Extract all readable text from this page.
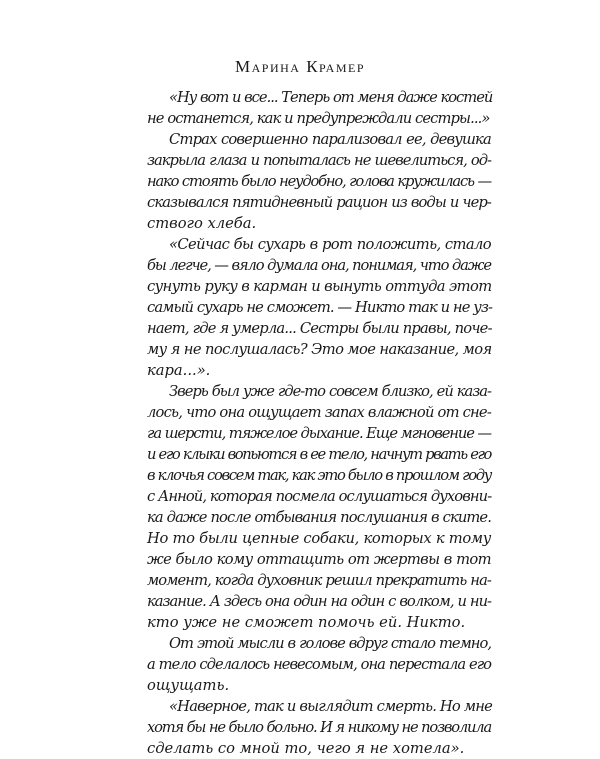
Марина Крамер

«Ну вот и все... Теперь от меня даже костей
не останется, как и предупреждали сестры...»

Страх совершенно парализовал ее, девушка
закрыла глаза и попыталась не шевелиться, од-
нако стоять было неудобно, голова кружилась —
сказывался пятидневный рацион из воды и чер-
ствого хлеба.

«Сейчас бы сухарь в рот положить, стало
бы легче, — вяло думала она, понимая, что даже
сунуть руку в карман и вынуть оттуда этот
самый сухарь не сможет. — Никто так и не уз-
нает, где я умерла... Сестры были правы, поче-
му я не послушалась? Это мое наказание, моя
кара...».

Зверь был уже где-то совсем близко, ей каза-
лось, что она ощущает запах влажной от сне-
га шерсти, тяжелое дыхание. Еще мгновение —
и его клыки вопьются в ее тело, начнут рвать его
в клочья совсем так, как это было в прошлом году
с Анной, которая посмела ослушаться духовни-
ка даже после отбывания послушания в ските.
Но то были цепные собаки, которых к тому
же было кому оттащить от жертвы в тот
момент, когда духовник решил прекратить на-
казание. А здесь она один на один с волком, и ни-
кто уже не сможет помочь ей. Никто.

От этой мысли в голове вдруг стало темно,
а тело сделалось невесомым, она перестала его
ощущать.

«Наверное, так и выглядит смерть. Но мне
хотя бы не было больно. И я никому не позволила
сделать со мной то, чего я не хотела».
